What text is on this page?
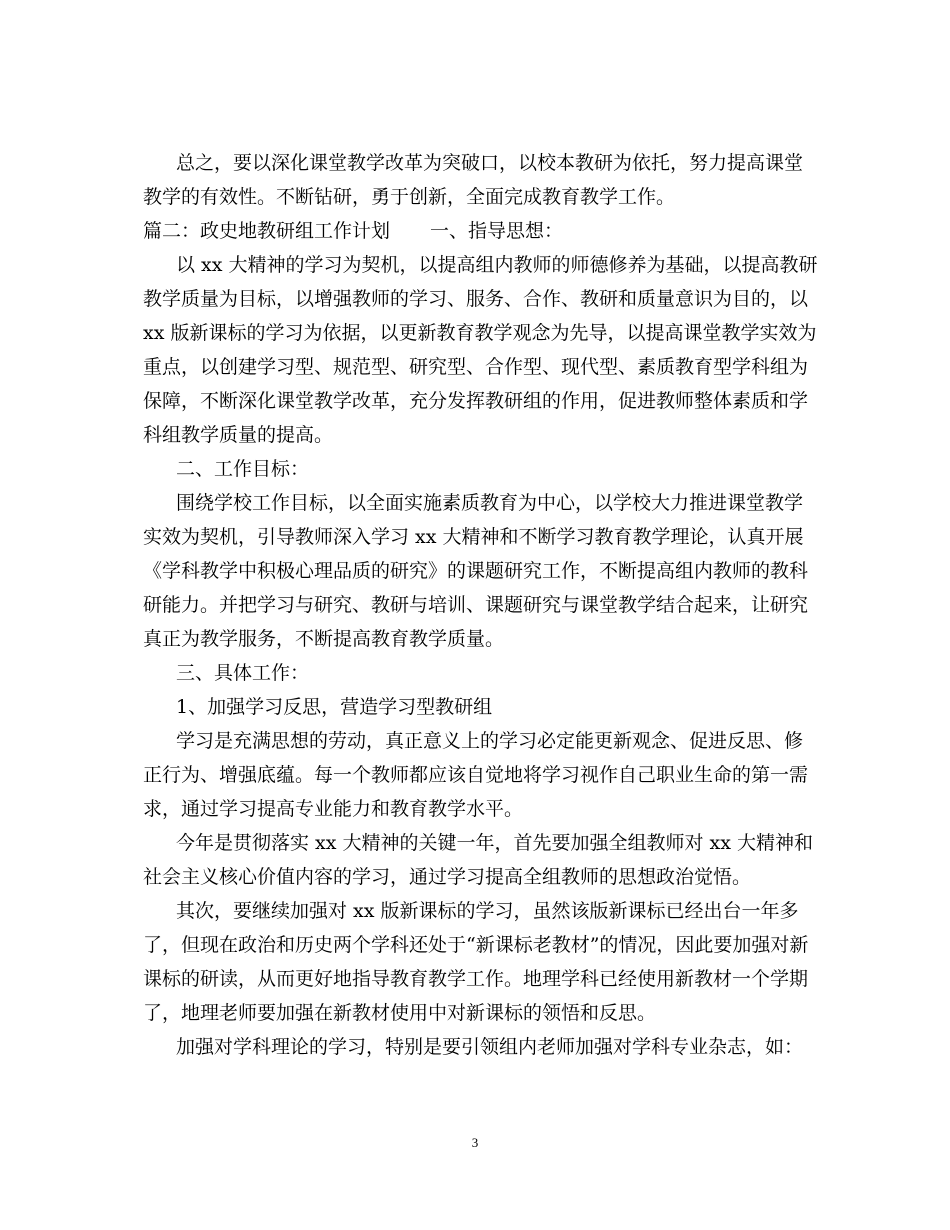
总之，要以深化课堂教学改革为突破口，以校本教研为依托，努力提高课堂
教学的有效性。不断钻研，勇于创新，全面完成教育教学工作。
篇二：政史地教研组工作计划 一、指导思想：
以 xx 大精神的学习为契机，以提高组内教师的师德修养为基础，以提高教研
教学质量为目标，以增强教师的学习、服务、合作、教研和质量意识为目的，以
xx 版新课标的学习为依据，以更新教育教学观念为先导，以提高课堂教学实效为
重点，以创建学习型、规范型、研究型、合作型、现代型、素质教育型学科组为
保障，不断深化课堂教学改革，充分发挥教研组的作用，促进教师整体素质和学
科组教学质量的提高。
二、工作目标：
围绕学校工作目标，以全面实施素质教育为中心，以学校大力推进课堂教学
实效为契机，引导教师深入学习 xx 大精神和不断学习教育教学理论，认真开展
《学科教学中积极心理品质的研究》的课题研究工作，不断提高组内教师的教科
研能力。并把学习与研究、教研与培训、课题研究与课堂教学结合起来，让研究
真正为教学服务，不断提高教育教学质量。
三、具体工作：
1、加强学习反思，营造学习型教研组
学习是充满思想的劳动，真正意义上的学习必定能更新观念、促进反思、修
正行为、增强底蕴。每一个教师都应该自觉地将学习视作自己职业生命的第一需
求，通过学习提高专业能力和教育教学水平。
今年是贯彻落实 xx 大精神的关键一年，首先要加强全组教师对 xx 大精神和
社会主义核心价值内容的学习，通过学习提高全组教师的思想政治觉悟。
其次，要继续加强对 xx 版新课标的学习，虽然该版新课标已经出台一年多
了，但现在政治和历史两个学科还处于“新课标老教材”的情况，因此要加强对新
课标的研读，从而更好地指导教育教学工作。地理学科已经使用新教材一个学期
了，地理老师要加强在新教材使用中对新课标的领悟和反思。
加强对学科理论的学习，特别是要引领组内老师加强对学科专业杂志，如：
3
